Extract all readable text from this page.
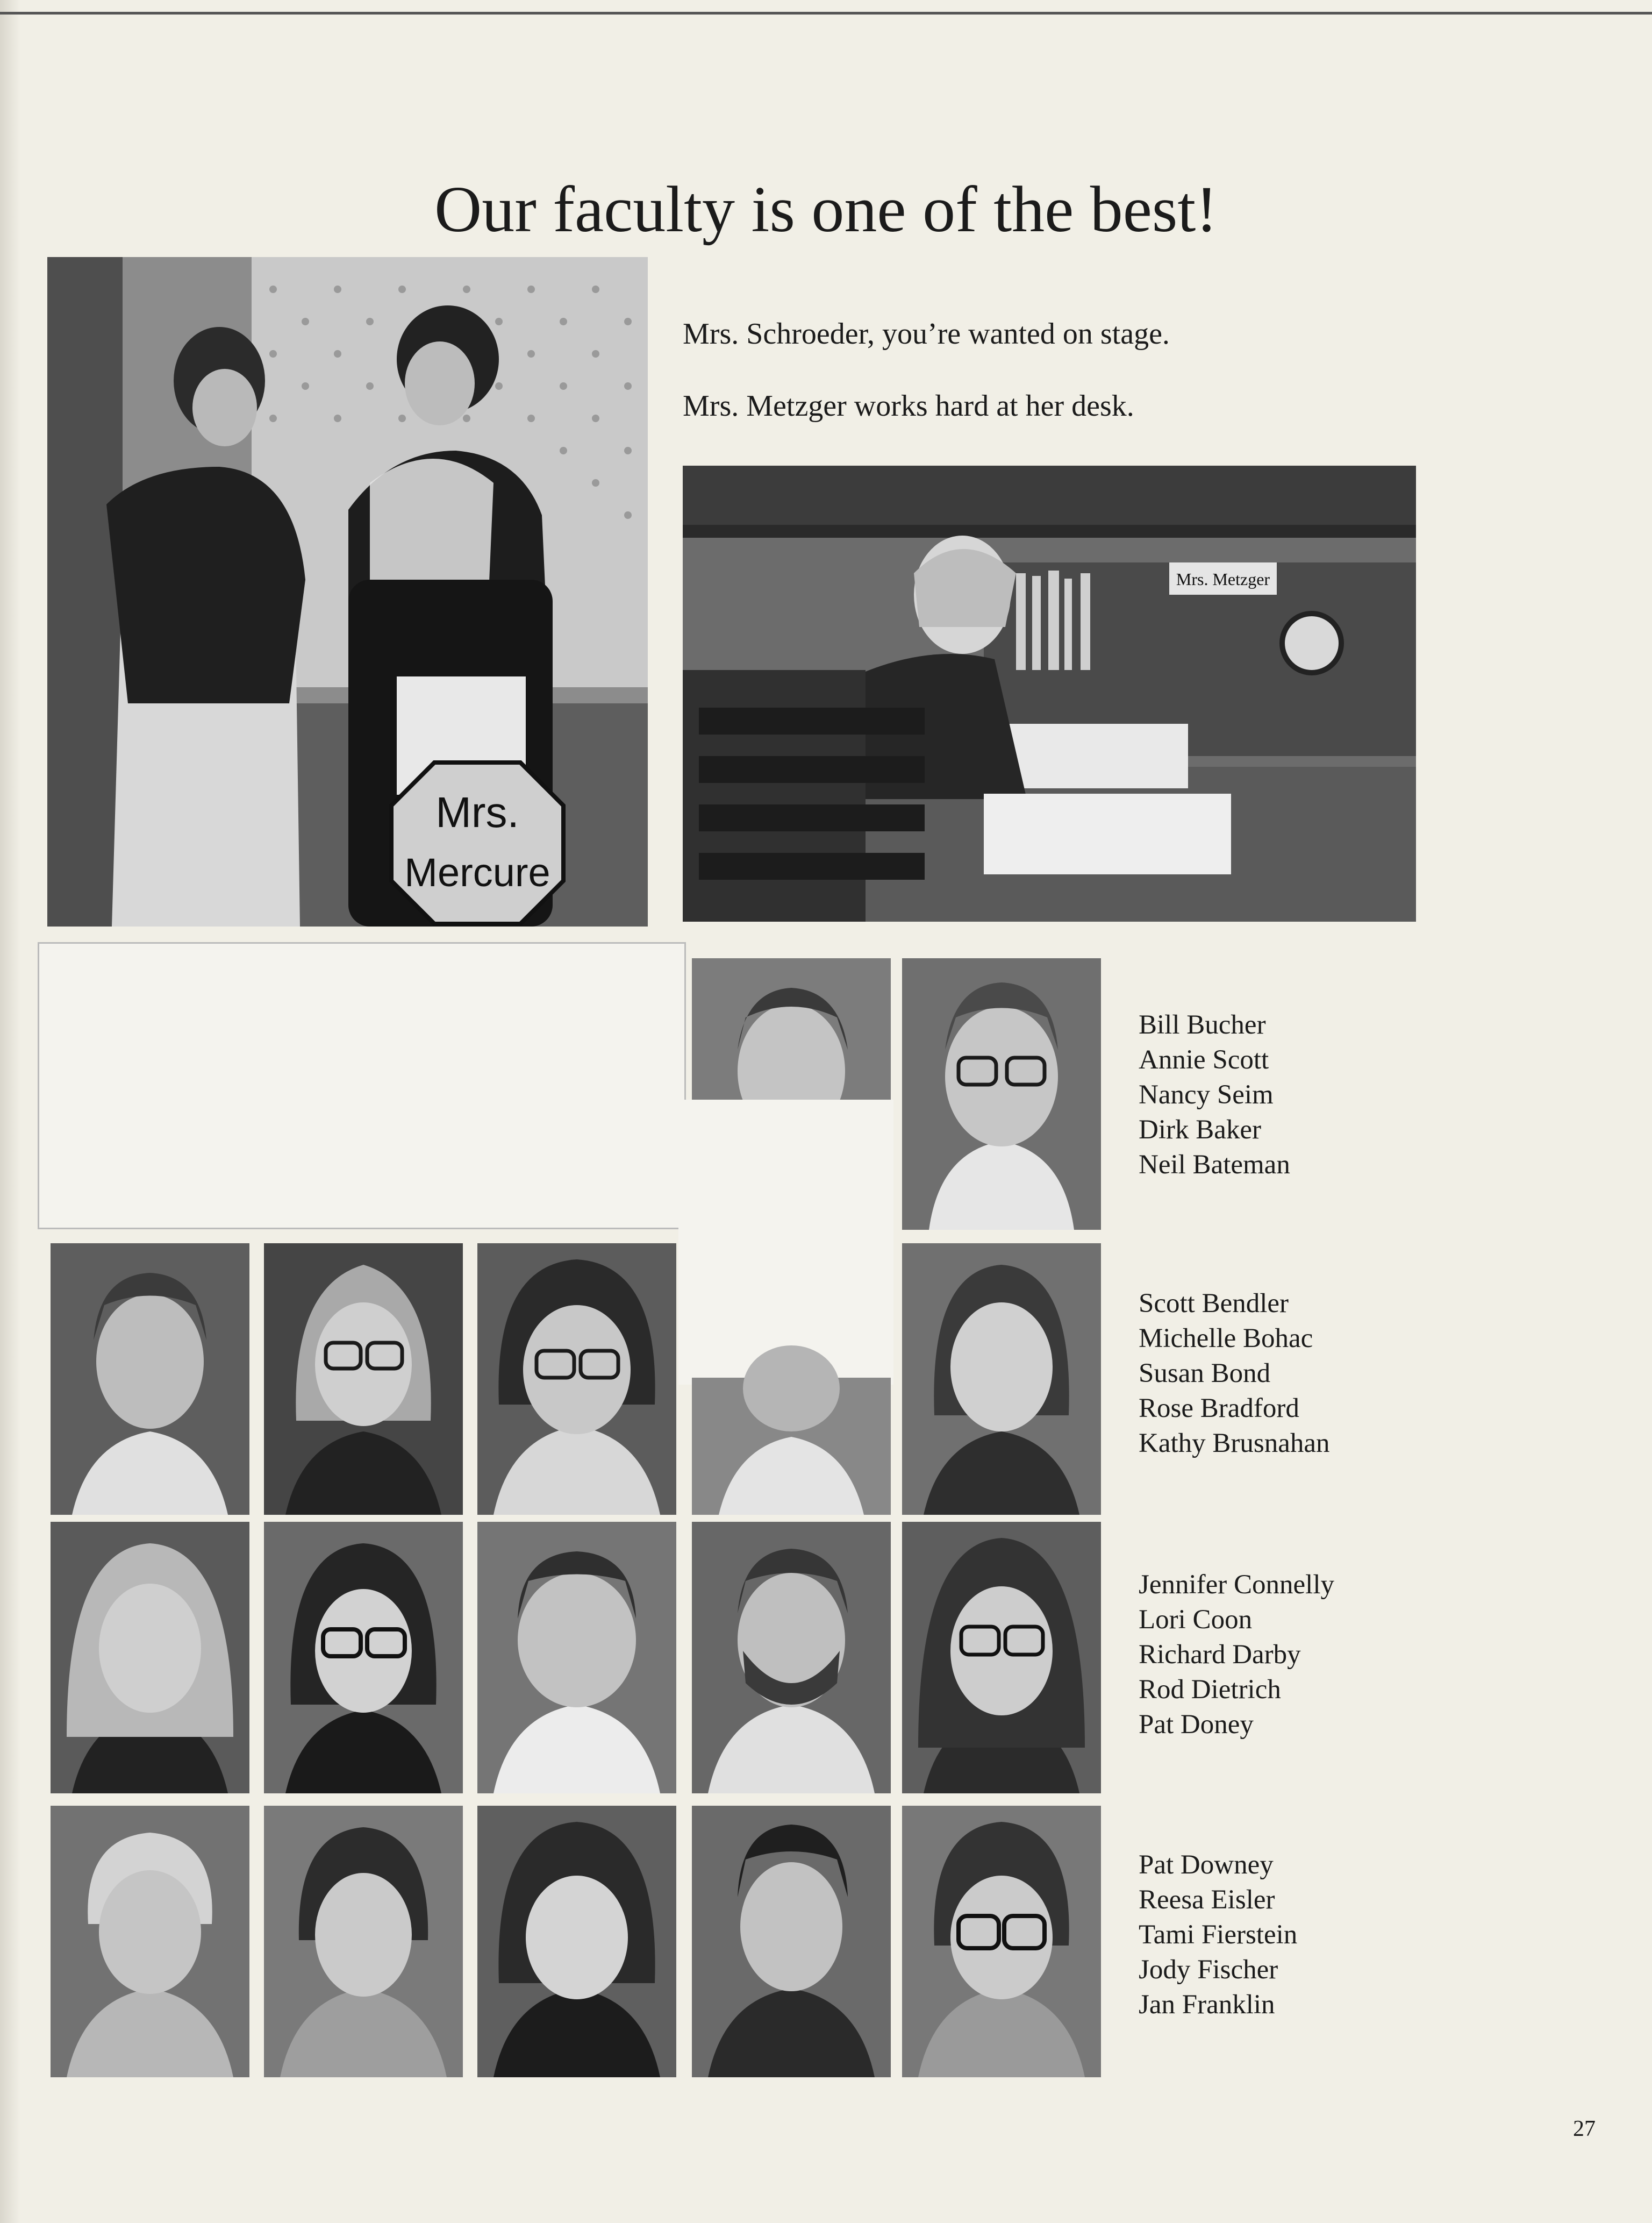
Our faculty is one of the best!
Mrs.
Mercure
Mrs. Schroeder, you’re wanted on stage.
Mrs. Metzger works hard at her desk.
Mrs. Metzger
Bill Bucher
Annie Scott
Nancy Seim
Dirk Baker
Neil Bateman
Scott Bendler
Michelle Bohac
Susan Bond
Rose Bradford
Kathy Brusnahan
Jennifer Connelly
Lori Coon
Richard Darby
Rod Dietrich
Pat Doney
Pat Downey
Reesa Eisler
Tami Fierstein
Jody Fischer
Jan Franklin
27
